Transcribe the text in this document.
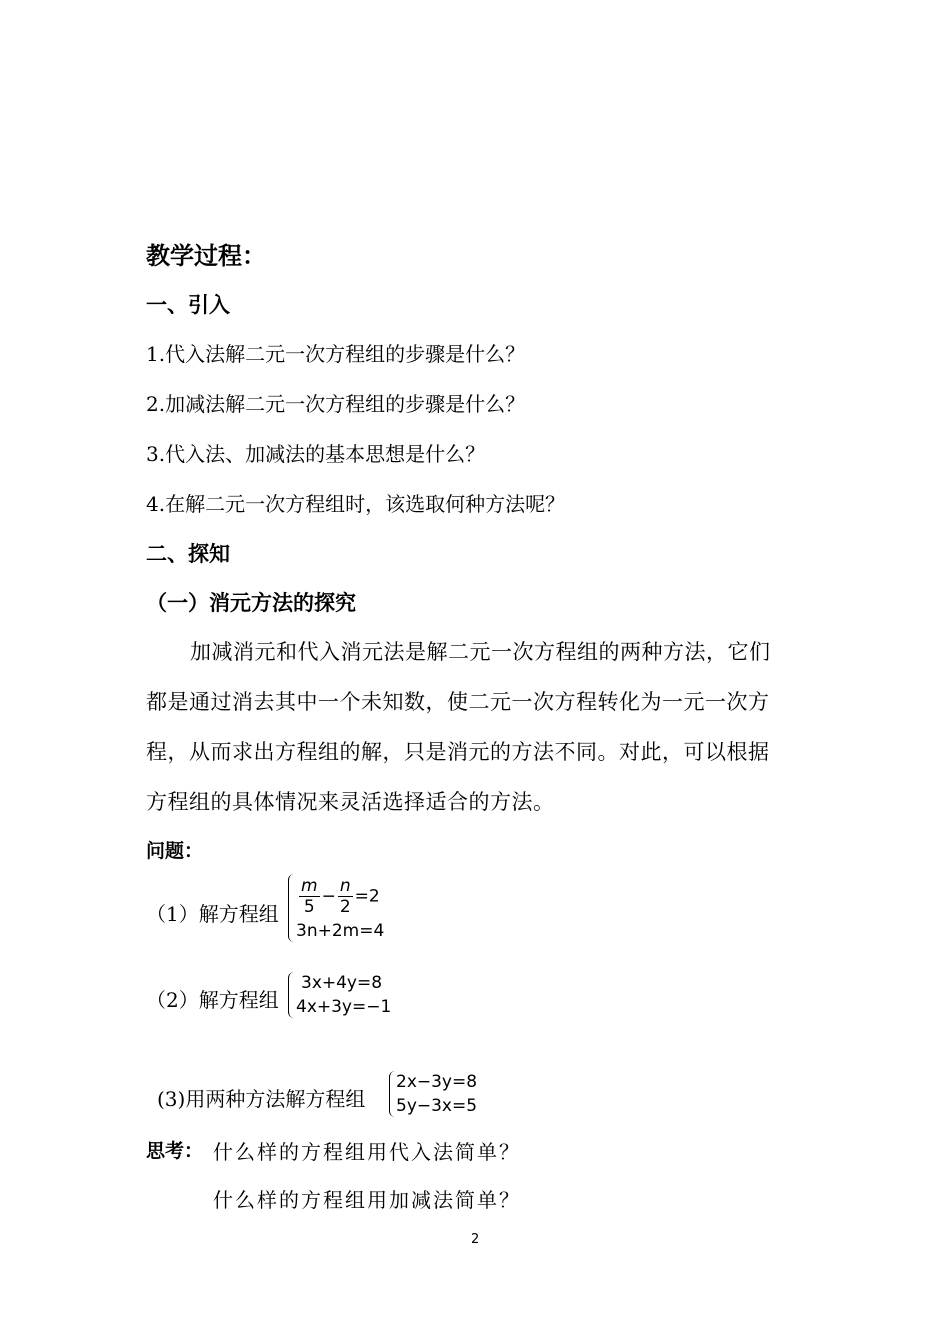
教学过程：
一、引入
1.代入法解二元一次方程组的步骤是什么？
2.加减法解二元一次方程组的步骤是什么？
3.代入法、加减法的基本思想是什么？
4.在解二元一次方程组时，该选取何种方法呢？
二、探知
（一）消元方法的探究
加减消元和代入消元法是解二元一次方程组的两种方法，它们
都是通过消去其中一个未知数，使二元一次方程转化为一元一次方
程，从而求出方程组的解，只是消元的方法不同。对此，可以根据
方程组的具体情况来灵活选择适合的方法。
问题：
（1）解方程组 $\frac{m}{5} - \frac{n}{2} =2$
3n+2m=4
（2）解方程组
3x+4y=8
4x+3y=−1
(3)用两种方法解方程组
2x−3y=8
5y−3x=5
思考： 什么样的方程组用代入法简单？
什么样的方程组用加减法简单？
2
